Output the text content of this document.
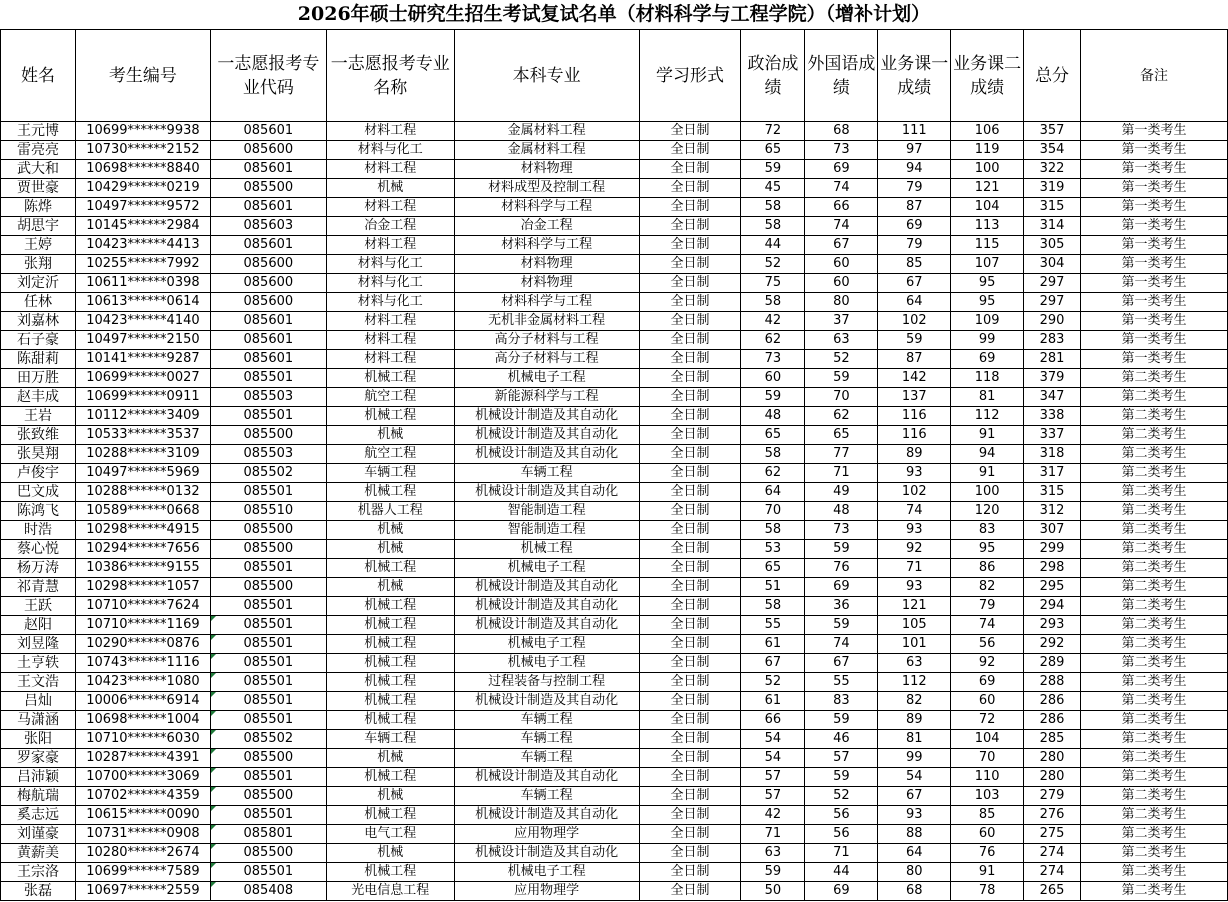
2026年硕士研究生招生考试复试名单（材料科学与工程学院）（增补计划）
姓名	考生编号	一志愿报考专业代码	一志愿报考专业名称	本科专业	学习形式	政治成绩	外国语成绩	业务课一成绩	业务课二成绩	总分	备注
王元博	10699******9938	085601	材料工程	金属材料工程	全日制	72	68	111	106	357	第一类考生
雷亮亮	10730******2152	085600	材料与化工	金属材料工程	全日制	65	73	97	119	354	第一类考生
武大和	10698******8840	085601	材料工程	材料物理	全日制	59	69	94	100	322	第一类考生
贾世豪	10429******0219	085500	机械	材料成型及控制工程	全日制	45	74	79	121	319	第一类考生
陈烨	10497******9572	085601	材料工程	材料科学与工程	全日制	58	66	87	104	315	第一类考生
胡思宇	10145******2984	085603	冶金工程	冶金工程	全日制	58	74	69	113	314	第一类考生
王婷	10423******4413	085601	材料工程	材料科学与工程	全日制	44	67	79	115	305	第一类考生
张翔	10255******7992	085600	材料与化工	材料物理	全日制	52	60	85	107	304	第一类考生
刘定沂	10611******0398	085600	材料与化工	材料物理	全日制	75	60	67	95	297	第一类考生
任林	10613******0614	085600	材料与化工	材料科学与工程	全日制	58	80	64	95	297	第一类考生
刘嘉林	10423******4140	085601	材料工程	无机非金属材料工程	全日制	42	37	102	109	290	第一类考生
石子豪	10497******2150	085601	材料工程	高分子材料与工程	全日制	62	63	59	99	283	第一类考生
陈甜莉	10141******9287	085601	材料工程	高分子材料与工程	全日制	73	52	87	69	281	第一类考生
田万胜	10699******0027	085501	机械工程	机械电子工程	全日制	60	59	142	118	379	第二类考生
赵丰成	10699******0911	085503	航空工程	新能源科学与工程	全日制	59	70	137	81	347	第二类考生
王岩	10112******3409	085501	机械工程	机械设计制造及其自动化	全日制	48	62	116	112	338	第二类考生
张致维	10533******3537	085500	机械	机械设计制造及其自动化	全日制	65	65	116	91	337	第二类考生
张昊翔	10288******3109	085503	航空工程	机械设计制造及其自动化	全日制	58	77	89	94	318	第二类考生
卢俊宇	10497******5969	085502	车辆工程	车辆工程	全日制	62	71	93	91	317	第二类考生
巴文成	10288******0132	085501	机械工程	机械设计制造及其自动化	全日制	64	49	102	100	315	第二类考生
陈鸿飞	10589******0668	085510	机器人工程	智能制造工程	全日制	70	48	74	120	312	第二类考生
时浩	10298******4915	085500	机械	智能制造工程	全日制	58	73	93	83	307	第二类考生
蔡心悦	10294******7656	085500	机械	机械工程	全日制	53	59	92	95	299	第二类考生
杨万涛	10386******9155	085501	机械工程	机械电子工程	全日制	65	76	71	86	298	第二类考生
祁青慧	10298******1057	085500	机械	机械设计制造及其自动化	全日制	51	69	93	82	295	第二类考生
王跃	10710******7624	085501	机械工程	机械设计制造及其自动化	全日制	58	36	121	79	294	第二类考生
赵阳	10710******1169	085501	机械工程	机械设计制造及其自动化	全日制	55	59	105	74	293	第二类考生
刘昱隆	10290******0876	085501	机械工程	机械电子工程	全日制	61	74	101	56	292	第二类考生
土亨轶	10743******1116	085501	机械工程	机械电子工程	全日制	67	67	63	92	289	第二类考生
王文浩	10423******1080	085501	机械工程	过程装备与控制工程	全日制	52	55	112	69	288	第二类考生
吕灿	10006******6914	085501	机械工程	机械设计制造及其自动化	全日制	61	83	82	60	286	第二类考生
马潇涵	10698******1004	085501	机械工程	车辆工程	全日制	66	59	89	72	286	第二类考生
张阳	10710******6030	085502	车辆工程	车辆工程	全日制	54	46	81	104	285	第二类考生
罗家豪	10287******4391	085500	机械	车辆工程	全日制	54	57	99	70	280	第二类考生
吕沛颖	10700******3069	085501	机械工程	机械设计制造及其自动化	全日制	57	59	54	110	280	第二类考生
梅航瑞	10702******4359	085500	机械	车辆工程	全日制	57	52	67	103	279	第二类考生
奚志远	10615******0090	085501	机械工程	机械设计制造及其自动化	全日制	42	56	93	85	276	第二类考生
刘谨豪	10731******0908	085801	电气工程	应用物理学	全日制	71	56	88	60	275	第二类考生
黄薪美	10280******2674	085500	机械	机械设计制造及其自动化	全日制	63	71	64	76	274	第二类考生
王宗洛	10699******7589	085501	机械工程	机械电子工程	全日制	59	44	80	91	274	第二类考生
张磊	10697******2559	085408	光电信息工程	应用物理学	全日制	50	69	68	78	265	第二类考生
